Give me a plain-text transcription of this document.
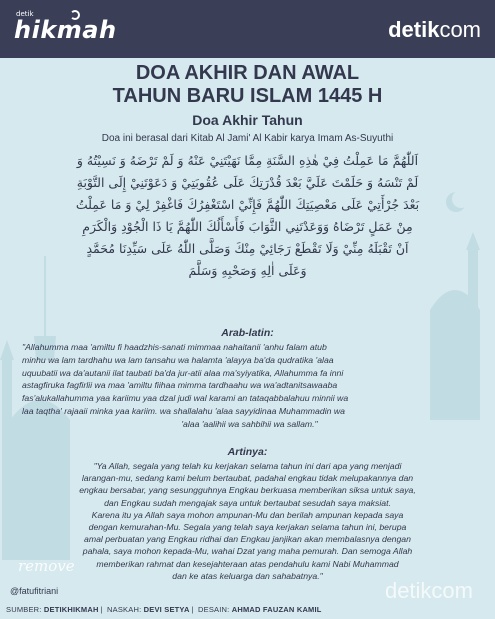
detik
hikmah	detikcom
DOA AKHIR DAN AWAL
TAHUN BARU ISLAM 1445 H
Doa Akhir Tahun
Doa ini berasal dari Kitab Al Jami' Al Kabir karya Imam As-Suyuthi
اَللّٰهُمَّ مَا عَمِلْتُ فِيْ هٰذِهِ السَّنَةِ مِمَّا نَهَيْتَنِيْ عَنْهُ وَ لَمْ تَرْضَهُ وَ نَسِيْتُهُ وَ
لَمْ تَنْسَهُ وَ حَلَمْتَ عَلَيَّ بَعْدَ قُدْرَتِكَ عَلَى عُقُوبَتِيْ وَ دَعَوْتَنِيْ إِلَى التَّوْبَةِ
بَعْدَ جُرْأَتِيْ عَلَى مَعْصِيَتِكَ اللّٰهُمَّ فَإِنِّيْ اسْتَغْفِرُكَ فَاغْفِرْ لِيْ وَ مَا عَمِلْتُ
مِنْ عَمَلٍ تَرْضَاهُ وَوَعَدْتَنِي الثَّوَابَ فَأَسْأَلُكَ اللّٰهُمَّ يَا ذَا الْجُوْدِ وَالْكَرَمِ
اَنْ تَقْبَلَهُ مِنِّيْ وَلَا تَقْطَعْ رَجَائِيْ مِنْكَ وَصَلَّى اللّٰهُ عَلَى سَيِّدِنَا مُحَمَّدٍ
وَعَلَى اٰلِهِ وَصَحْبِهِ وَسَلَّمَ
Arab-latin:
"Allahumma maa 'amiltu fi haadzhis-sanati mimmaa nahaitanii 'anhu falam atub
minhu wa lam tardhahu wa lam tansahu wa halamta 'alayya ba'da qudratika 'alaa
uquubatii wa da'autanii ilat taubati ba'da jur-atii alaa ma'syiyatika, Allahumma fa inni
astagfiruka fagfirlii wa maa 'amiltu fiihaa mimma tardhaahu wa wa'adtanitsawaaba
fas'alukallahumma yaa kariimu yaa dzal judi wal karami an tataqabbalahuu minnii wa
laa taqtha' rajaaii minka yaa kariim. wa shallalahu 'alaa sayyidinaa Muhammadin wa
'alaa 'aalihii wa sahbihii wa sallam."
Artinya:
"Ya Allah, segala yang telah ku kerjakan selama tahun ini dari apa yang menjadi
larangan-mu, sedang kami belum bertaubat, padahal engkau tidak melupakannya dan
engkau bersabar, yang sesungguhnya Engkau berkuasa memberikan siksa untuk saya,
dan Engkau sudah mengajak saya untuk bertaubat sesudah saya maksiat.
Karena itu ya Allah saya mohon ampunan-Mu dan berilah ampunan kepada saya
dengan kemurahan-Mu. Segala yang telah saya kerjakan selama tahun ini, berupa
amal perbuatan yang Engkau ridhai dan Engkau janjikan akan membalasnya dengan
pahala, saya mohon kepada-Mu, wahai Dzat yang maha pemurah. Dan semoga Allah
memberikan rahmat dan kesejahteraan atas pendahulu kami Nabi Muhammad
dan ke atas keluarga dan sahabatnya."
remove
detikcom
@fatufitriani
SUMBER: DETIKHIKMAH | NASKAH: DEVI SETYA | DESAIN: AHMAD FAUZAN KAMIL
